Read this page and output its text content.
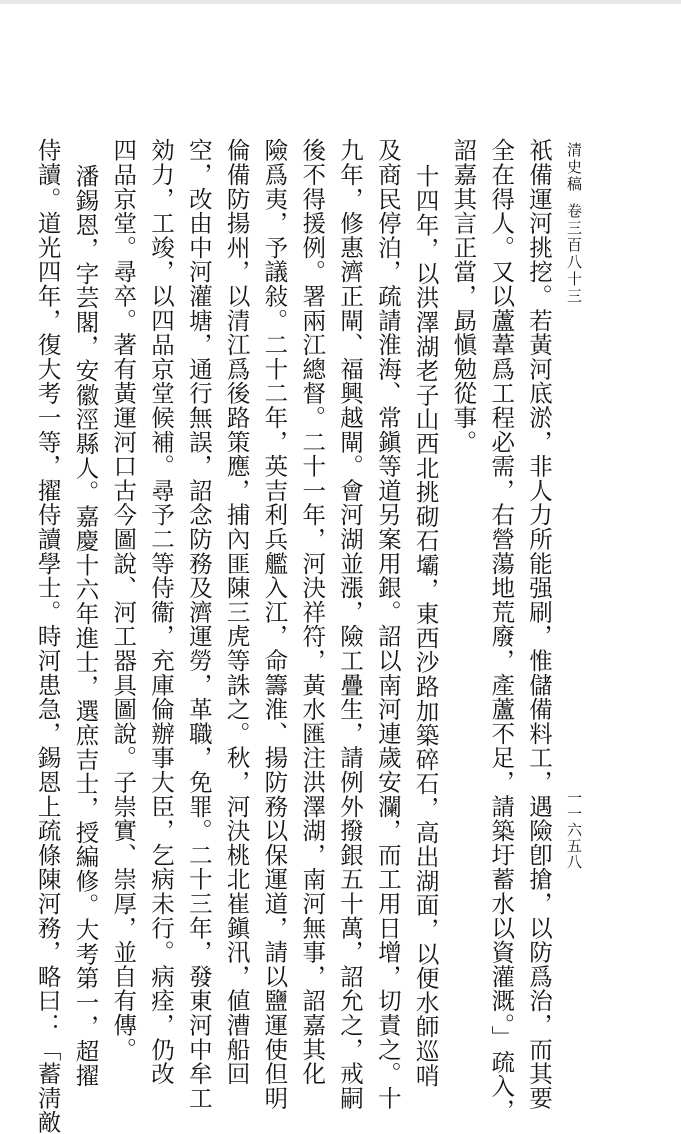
清史稿卷三百八十三
一一六五八
祇備運河挑挖。若黃河底淤，非人力所能强刷，惟儲備料工，遇險卽搶，以防爲治，而其要
全在得人。又以蘆葦爲工程必需，右營蕩地荒廢，產蘆不足，請築圩蓄水以資灌溉。」疏入，
詔嘉其言正當，勗愼勉從事。
十四年，以洪澤湖老子山西北挑砌石壩，東西沙路加築碎石，高出湖面，以便水師巡哨
及商民停泊，疏請淮海、常鎭等道另案用銀。詔以南河連歲安瀾，而工用日增，切責之。十
九年，修惠濟正閘、福興越閘。會河湖並漲，險工疊生，請例外撥銀五十萬，詔允之，戒嗣
後不得援例。署兩江總督。二十一年，河決祥符，黃水匯注洪澤湖，南河無事，詔嘉其化
險爲夷，予議敍。二十二年，英吉利兵艦入江，命籌淮、揚防務以保運道，請以鹽運使但明
倫備防揚州，以清江爲後路策應，捕內匪陳三虎等誅之。秋，河決桃北崔鎭汛，値漕船回
空，改由中河灌塘，通行無誤，詔念防務及濟運勞，革職，免罪。二十三年，發東河中牟工
効力，工竣，以四品京堂候補。尋予二等侍衞，充庫倫辦事大臣，乞病未行。病痊，仍改
四品京堂。尋卒。著有黃運河口古今圖說、河工器具圖說。子崇實、崇厚，並自有傳。
潘錫恩，字芸閣，安徽涇縣人。嘉慶十六年進士，選庶吉士，授編修。大考第一，超擢
侍讀。道光四年，復大考一等，擢侍讀學士。時河患急，錫恩上疏條陳河務，略曰：「蓄淸敵
